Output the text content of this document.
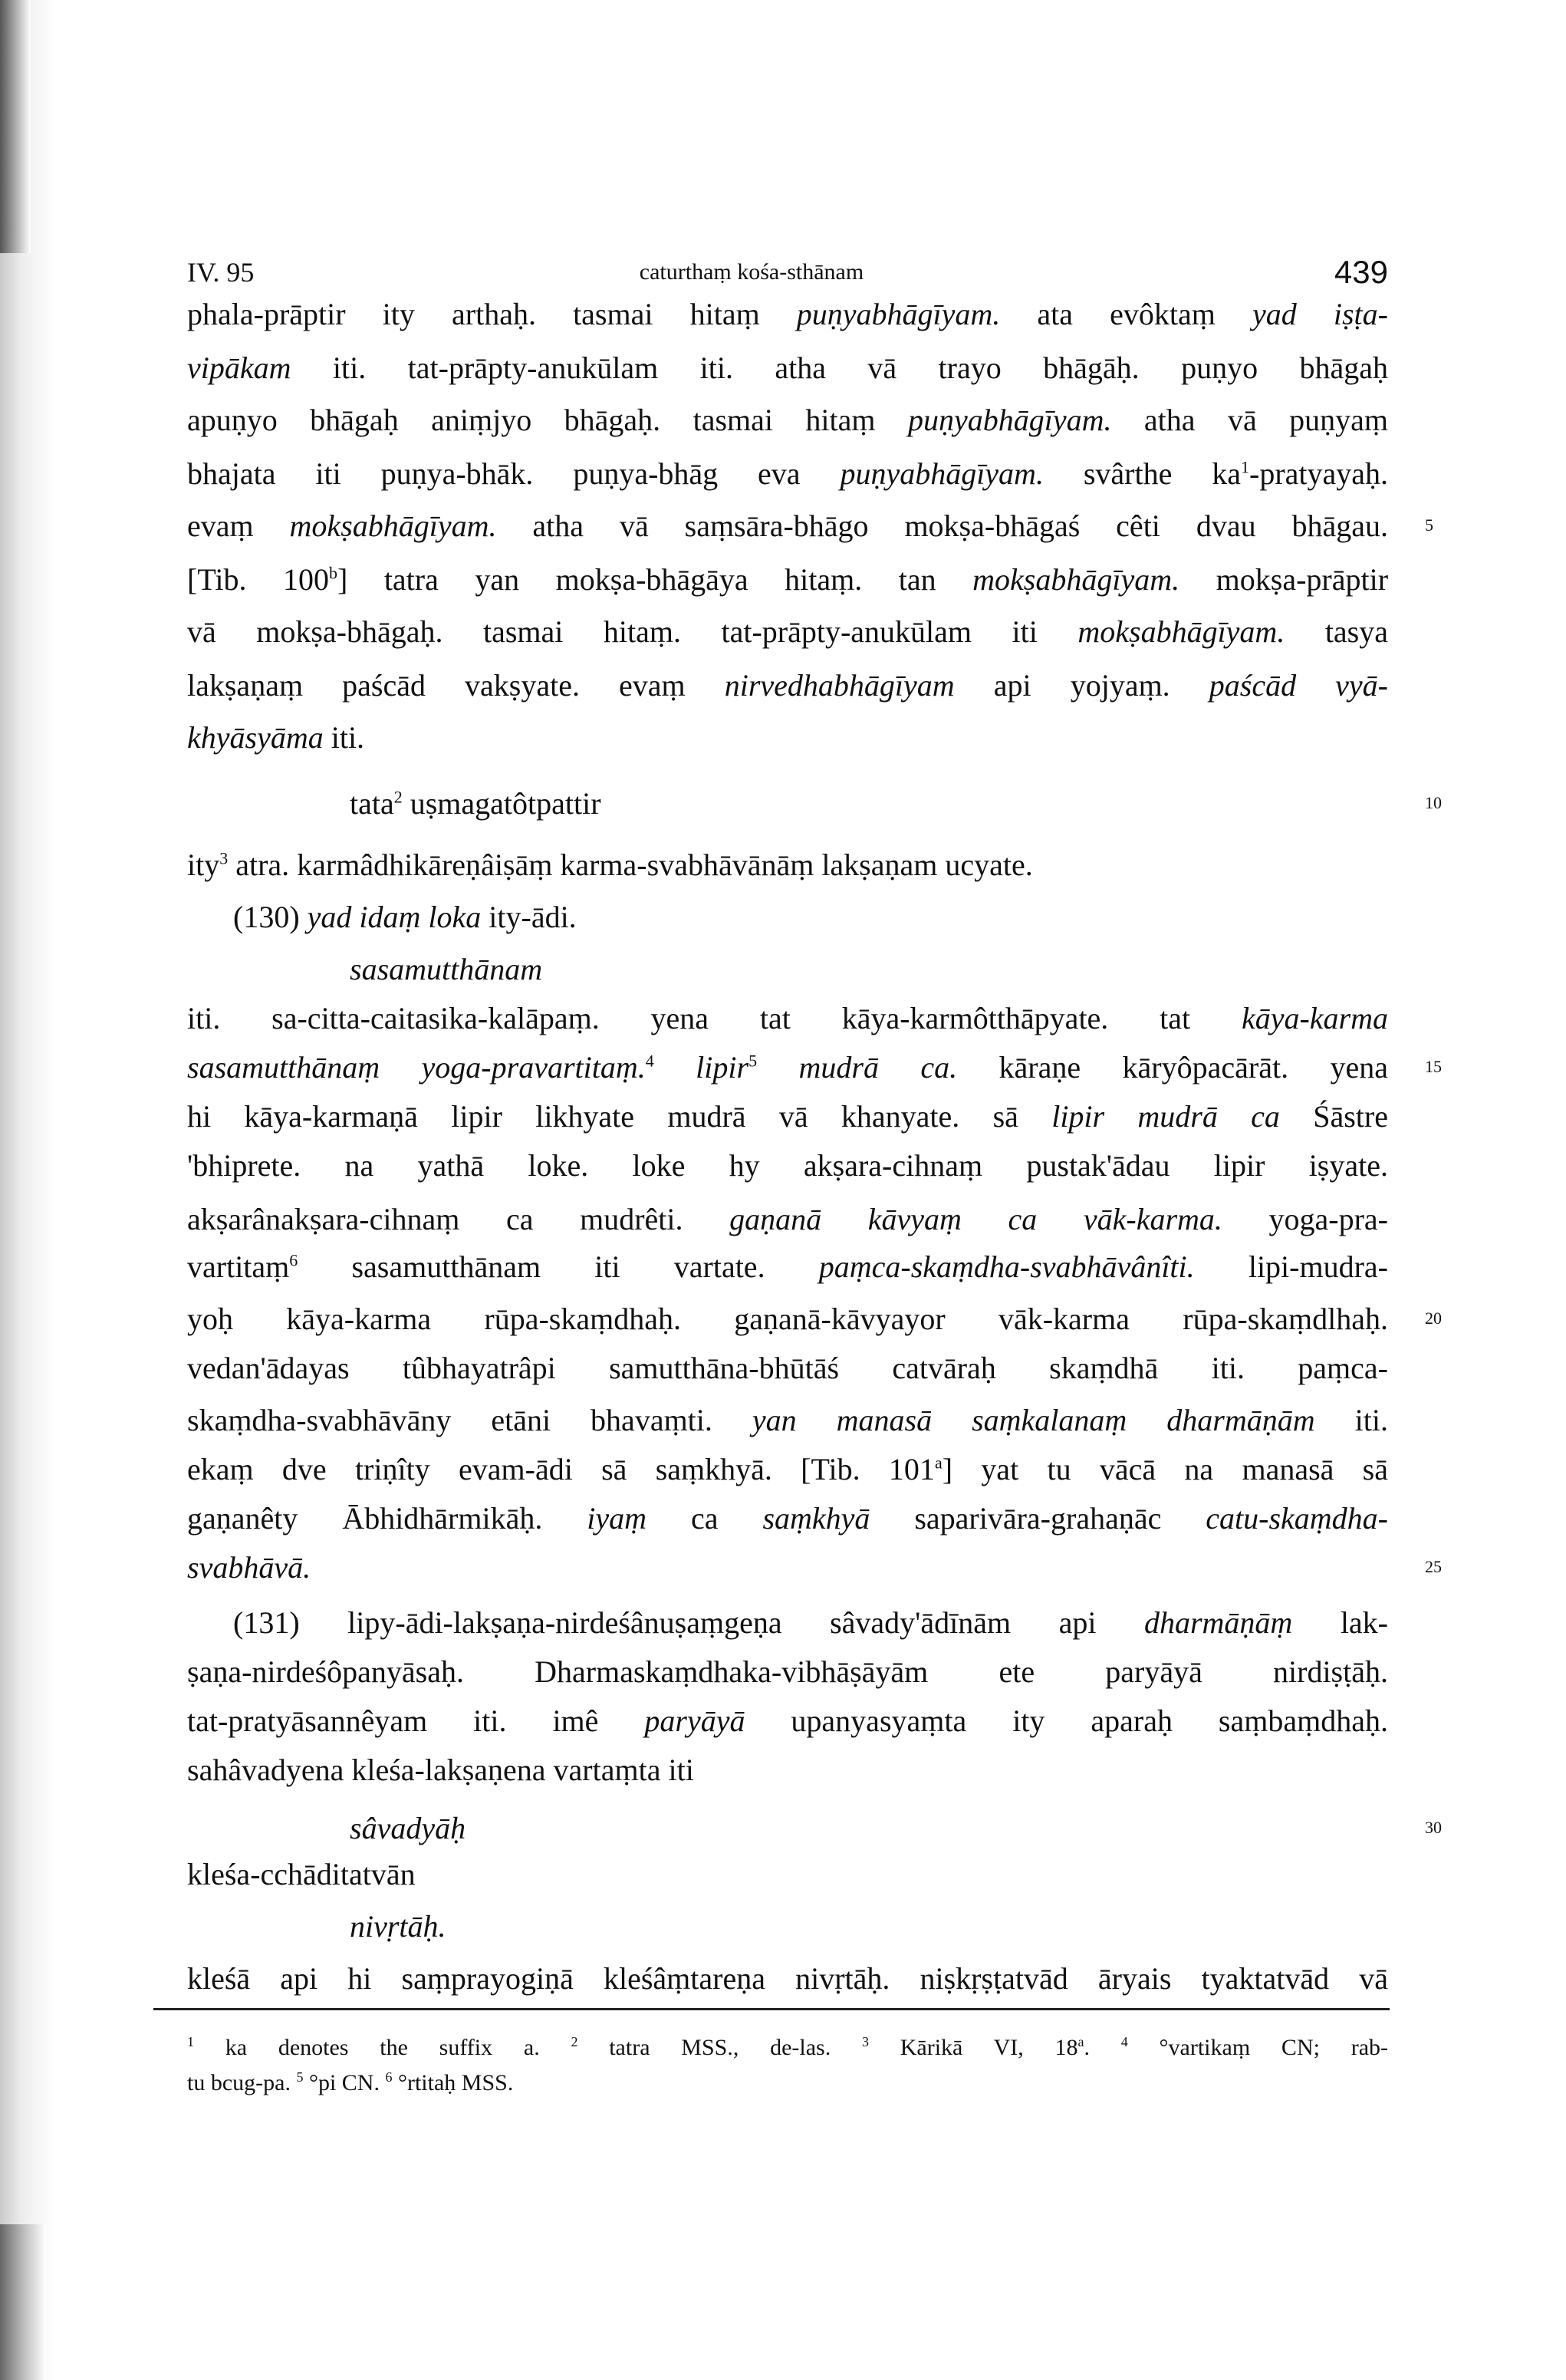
IV. 95	caturthaṃ kośa-sthānam	439
phala-prāptir ity arthaḥ. tasmai hitaṃ puṇyabhāgīyam. ata evôktaṃ yad iṣṭa-
vipākam iti. tat-prāpty-anukūlam iti. atha vā trayo bhāgāḥ. puṇyo bhāgaḥ
apuṇyo bhāgaḥ aniṃjyo bhāgaḥ. tasmai hitaṃ puṇyabhāgīyam. atha vā puṇyaṃ
bhajata iti puṇya-bhāk. puṇya-bhāg eva puṇyabhāgīyam. svârthe $ka^1$-pratyayaḥ.
evaṃ mokṣabhāgīyam. atha vā saṃsāra-bhāgo mokṣa-bhāgaś cêti dvau bhāgau. 5
[Tib. 100$^b$] tatra yan mokṣa-bhāgāya hitaṃ. tan mokṣabhāgīyam. mokṣa-prāptir
vā mokṣa-bhāgaḥ. tasmai hitaṃ. tat-prāpty-anukūlam iti mokṣabhāgīyam. tasya
lakṣaṇaṃ paścād vakṣyate. evaṃ nirvedhabhāgīyam api yojyaṃ. paścād vyā-
khyāsyāma iti.
tata$^2$ uṣmagatôtpattir	10
ity$^3$ atra. karmâdhikāreṇâiṣāṃ karma-svabhāvānāṃ lakṣaṇam ucyate.
(130) yad idaṃ loka ity-ādi.
sasamutthānam
iti. sa-citta-caitasika-kalāpaṃ. yena tat kāya-karmôtthāpyate. tat kāya-karma
sasamutthānaṃ yoga-pravartitaṃ.$^4$ lipir$^5$ mudrā ca. kāraṇe kāryôpacārāt. yena 15
hi kāya-karmaṇā lipir likhyate mudrā vā khanyate. sā lipir mudrā ca Śāstre
'bhiprete. na yathā loke. loke hy akṣara-cihnaṃ pustak'ādau lipir iṣyate.
akṣarânakṣara-cihnaṃ ca mudrêti. gaṇanā kāvyaṃ ca vāk-karma. yoga-pra-
vartitaṃ$^6$ sasamutthānam iti vartate. paṃca-skaṃdha-svabhāvânîti. lipi-mudra-
yoḥ kāya-karma rūpa-skaṃdhaḥ. gaṇanā-kāvyayor vāk-karma rūpa-skaṃdlhaḥ. 20
vedan'ādayas tûbhayatrâpi samutthāna-bhūtāś catvāraḥ skaṃdhā iti. paṃca-
skaṃdha-svabhāvāny etāni bhavaṃti. yan manasā saṃkalanaṃ dharmāṇām iti.
ekaṃ dve triṇîty evam-ādi sā saṃkhyā. [Tib. 101$^a$] yat tu vācā na manasā sā
gaṇanêty Ābhidhārmikāḥ. iyaṃ ca saṃkhyā saparivāra-grahaṇāc catu-skaṃdha-
svabhāvā.	25
(131) lipy-ādi-lakṣaṇa-nirdeśânuṣaṃgeṇa sâvady'ādīnām api dharmāṇāṃ lak-
ṣaṇa-nirdeśôpanyāsaḥ. Dharmaskaṃdhaka-vibhāṣāyām ete paryāyā nirdiṣṭāḥ.
tat-pratyāsannêyam iti. imê paryāyā upanyasyaṃta ity aparaḥ saṃbaṃdhaḥ.
sahâvadyena kleśa-lakṣaṇena vartaṃta iti
sâvadyāḥ	30
kleśa-cchāditatvān
nivṛtāḥ.
kleśā api hi saṃprayogiṇā kleśâṃtareṇa nivṛtāḥ. niṣkṛṣṭatvād āryais tyaktatvād vā
$^1$ ka denotes the suffix a. $^2$ tatra MSS., de-las. $^3$ Kārikā VI, 18$^a$. $^4$ °vartikaṃ CN; rab-
tu bcug-pa. $^5$ °pi CN. $^6$ °rtitaḥ MSS.
